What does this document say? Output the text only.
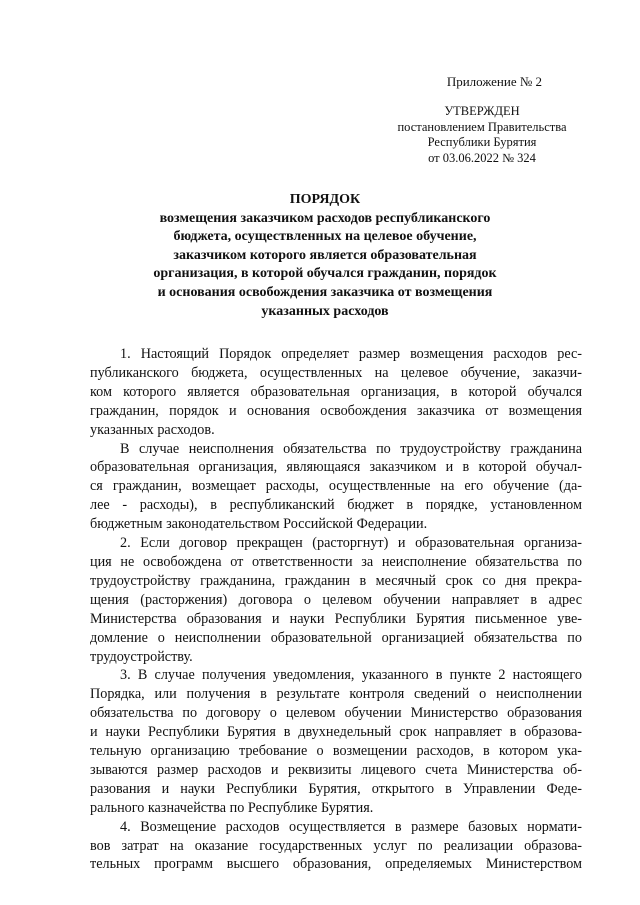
Приложение № 2
УТВЕРЖДЕН
постановлением Правительства
Республики Бурятия
от 03.06.2022 № 324
ПОРЯДОК
возмещения заказчиком расходов республиканского
бюджета, осуществленных на целевое обучение,
заказчиком которого является образовательная
организация, в которой обучался гражданин, порядок
и основания освобождения заказчика от возмещения
указанных расходов

1. Настоящий Порядок определяет размер возмещения расходов рес-
публиканского бюджета, осуществленных на целевое обучение, заказчи-
ком которого является образовательная организация, в которой обучался
гражданин, порядок и основания освобождения заказчика от возмещения
указанных расходов.

В случае неисполнения обязательства по трудоустройству гражданина
образовательная организация, являющаяся заказчиком и в которой обучал-
ся гражданин, возмещает расходы, осуществленные на его обучение (да-
лее - расходы), в республиканский бюджет в порядке, установленном
бюджетным законодательством Российской Федерации.

2. Если договор прекращен (расторгнут) и образовательная организа-
ция не освобождена от ответственности за неисполнение обязательства по
трудоустройству гражданина, гражданин в месячный срок со дня прекра-
щения (расторжения) договора о целевом обучении направляет в адрес
Министерства образования и науки Республики Бурятия письменное уве-
домление о неисполнении образовательной организацией обязательства по
трудоустройству.

3. В случае получения уведомления, указанного в пункте 2 настоящего
Порядка, или получения в результате контроля сведений о неисполнении
обязательства по договору о целевом обучении Министерство образования
и науки Республики Бурятия в двухнедельный срок направляет в образова-
тельную организацию требование о возмещении расходов, в котором ука-
зываются размер расходов и реквизиты лицевого счета Министерства об-
разования и науки Республики Бурятия, открытого в Управлении Феде-
рального казначейства по Республике Бурятия.

4. Возмещение расходов осуществляется в размере базовых нормати-
вов затрат на оказание государственных услуг по реализации образова-
тельных программ высшего образования, определяемых Министерством
